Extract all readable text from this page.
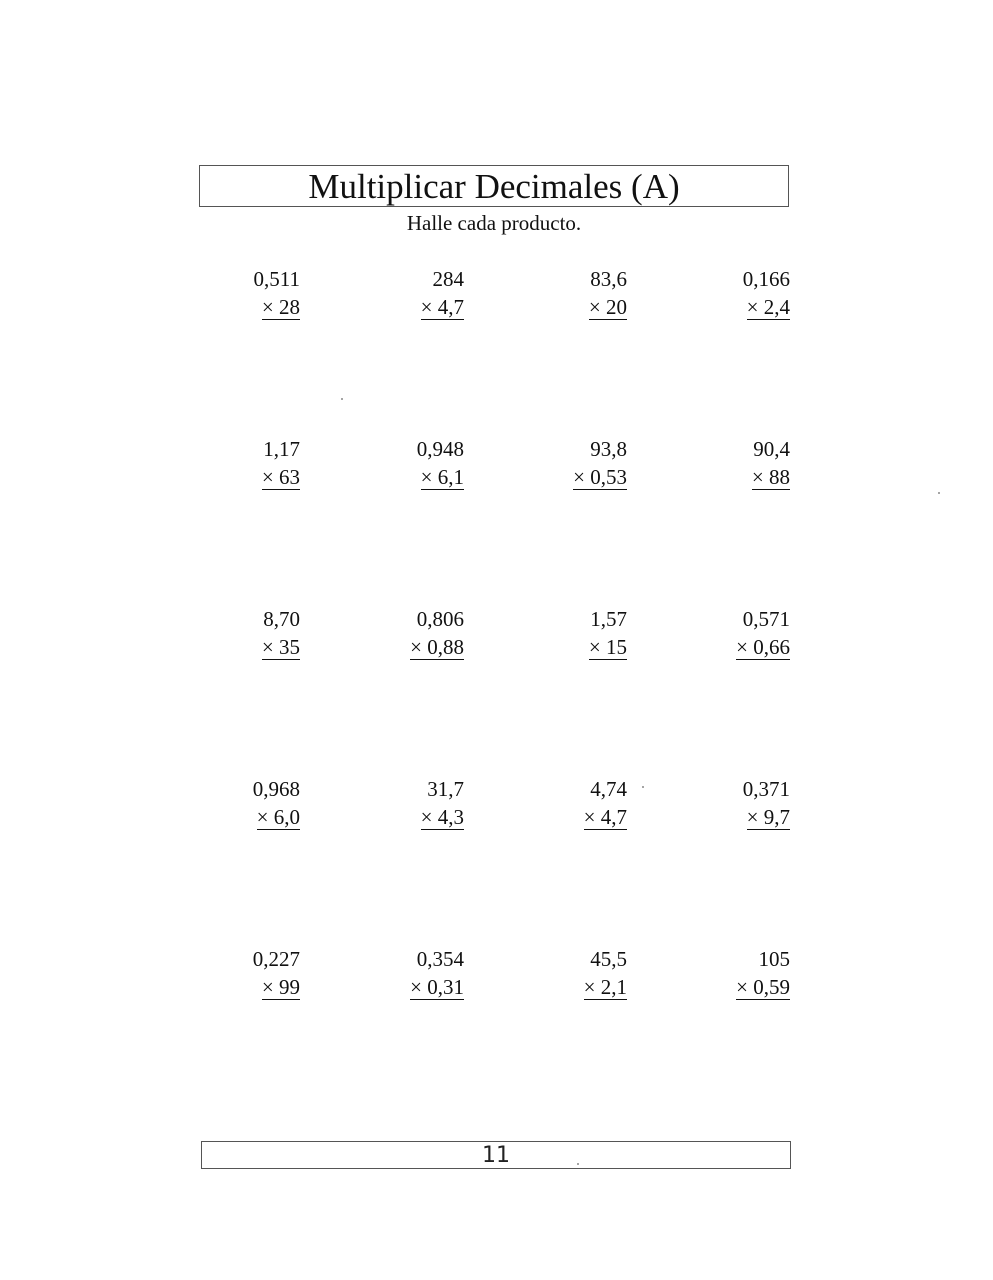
Multiplicar Decimales (A)
Halle cada producto.
0,511
× 28
284
× 4,7
83,6
× 20
0,166
× 2,4
1,17
× 63
0,948
× 6,1
93,8
× 0,53
90,4
× 88
8,70
× 35
0,806
× 0,88
1,57
× 15
0,571
× 0,66
0,968
× 6,0
31,7
× 4,3
4,74
× 4,7
0,371
× 9,7
0,227
× 99
0,354
× 0,31
45,5
× 2,1
105
× 0,59
11
